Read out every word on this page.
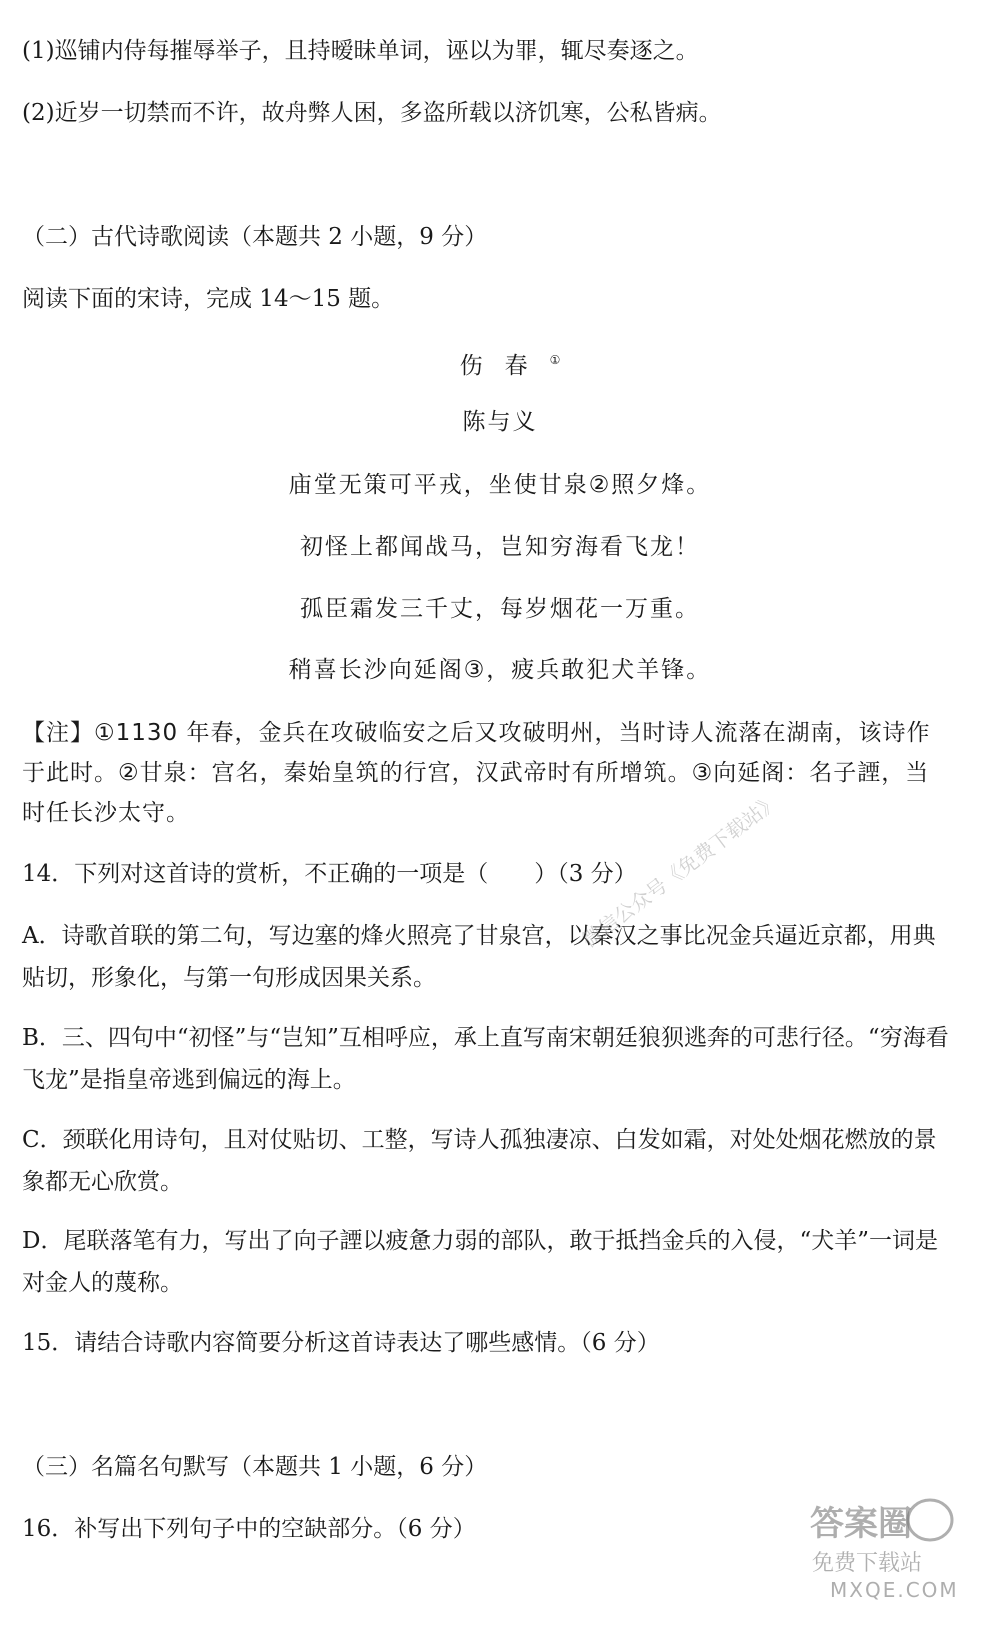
(1)巡铺内侍每摧辱举子，且持暧昧单词，诬以为罪，辄尽奏逐之。
(2)近岁一切禁而不许，故舟弊人困，多盗所载以济饥寒，公私皆病。
（二）古代诗歌阅读（本题共 2 小题，9 分）
阅读下面的宋诗，完成 14～15 题。
伤春①
陈与义
庙堂无策可平戎，坐使甘泉②照夕烽。
初怪上都闻战马，岂知穷海看飞龙！
孤臣霜发三千丈，每岁烟花一万重。
稍喜长沙向延阁③，疲兵敢犯犬羊锋。
【注】①1130 年春，金兵在攻破临安之后又攻破明州，当时诗人流落在湖南，该诗作于此时。②甘泉：宫名，秦始皇筑的行宫，汉武帝时有所增筑。③向延阁：名子諲，当时任长沙太守。
14．下列对这首诗的赏析，不正确的一项是（　　）（3 分）
A．诗歌首联的第二句，写边塞的烽火照亮了甘泉宫，以秦汉之事比况金兵逼近京都，用典贴切，形象化，与第一句形成因果关系。
B．三、四句中“初怪”与“岂知”互相呼应，承上直写南宋朝廷狼狈逃奔的可悲行径。“穷海看飞龙”是指皇帝逃到偏远的海上。
C．颈联化用诗句，且对仗贴切、工整，写诗人孤独凄凉、白发如霜，对处处烟花燃放的景象都无心欣赏。
D．尾联落笔有力，写出了向子諲以疲惫力弱的部队，敢于抵挡金兵的入侵，“犬羊”一词是对金人的蔑称。
15．请结合诗歌内容简要分析这首诗表达了哪些感情。（6 分）
（三）名篇名句默写（本题共 1 小题，6 分）
16．补写出下列句子中的空缺部分。（6 分）
微信公众号《免费下载站》
答案圈
免费下载站
MXQE.COM
